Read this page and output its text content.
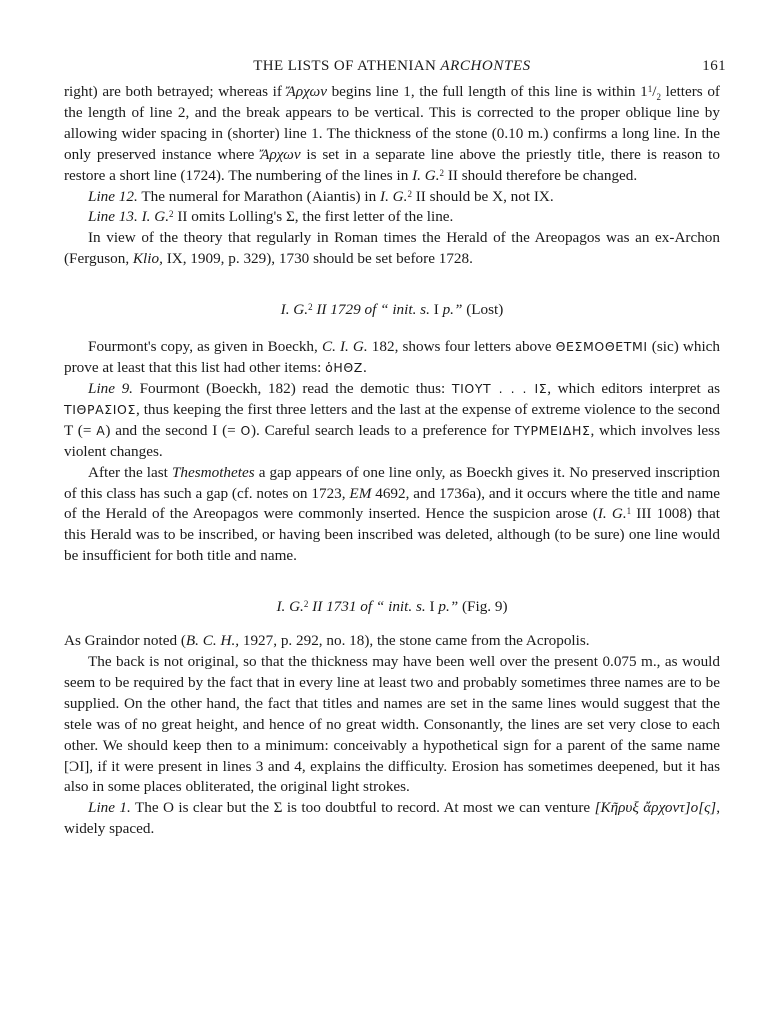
THE LISTS OF ATHENIAN ARCHONTES	161

right) are both betrayed; whereas if Ἄρχων begins line 1, the full length of this line is within $1^1/_2$ letters of the length of line 2, and the break appears to be vertical. This is corrected to the proper oblique line by allowing wider spacing in (shorter) line 1. The thickness of the stone (0.10 m.) confirms a long line. In the only preserved instance where Ἄρχων is set in a separate line above the priestly title, there is reason to restore a short line (1724). The numbering of the lines in I. G.$^2$ II should therefore be changed.

Line 12. The numeral for Marathon (Aiantis) in I. G.$^2$ II should be X, not IX.

Line 13. I. G.$^2$ II omits Lolling's Σ, the first letter of the line.

In view of the theory that regularly in Roman times the Herald of the Areopagos was an ex-Archon (Ferguson, Klio, IX, 1909, p. 329), 1730 should be set before 1728.

I. G.$^2$ II 1729 of “ init. s. I p.” (Lost)

Fourmont's copy, as given in Boeckh, C. I. G. 182, shows four letters above ΘΕΣΜΟΘΕΤΜΙ (sic) which prove at least that this list had other items: ὁΗΘΖ.

Line 9. Fourmont (Boeckh, 182) read the demotic thus: ΤΙΟΥΤ . . . ΙΣ, which editors interpret as ΤΙΘΡΑΣΙΟΣ, thus keeping the first three letters and the last at the expense of extreme violence to the second T (= Α) and the second I (= Ο). Careful search leads to a preference for ΤΥΡΜΕΙΔΗΣ, which involves less violent changes.

After the last Thesmothetes a gap appears of one line only, as Boeckh gives it. No preserved inscription of this class has such a gap (cf. notes on 1723, EM 4692, and 1736a), and it occurs where the title and name of the Herald of the Areopagos were commonly inserted. Hence the suspicion arose (I. G.$^1$ III 1008) that this Herald was to be inscribed, or having been inscribed was deleted, although (to be sure) one line would be insufficient for both title and name.

I. G.$^2$ II 1731 of “ init. s. I p.” (Fig. 9)

As Graindor noted (B. C. H., 1927, p. 292, no. 18), the stone came from the Acropolis.

The back is not original, so that the thickness may have been well over the present 0.075 m., as would seem to be required by the fact that in every line at least two and probably sometimes three names are to be supplied. On the other hand, the fact that titles and names are set in the same lines would suggest that the stele was of no great height, and hence of no great width. Consonantly, the lines are set very close to each other. We should keep then to a minimum: conceivably a hypothetical sign for a parent of the same name [ϽI], if it were present in lines 3 and 4, explains the difficulty. Erosion has sometimes deepened, but it has also in some places obliterated, the original light strokes.

Line 1. The O is clear but the Σ is too doubtful to record. At most we can venture [Κῆρυξ ἄρχοντ]ο[ς], widely spaced.
